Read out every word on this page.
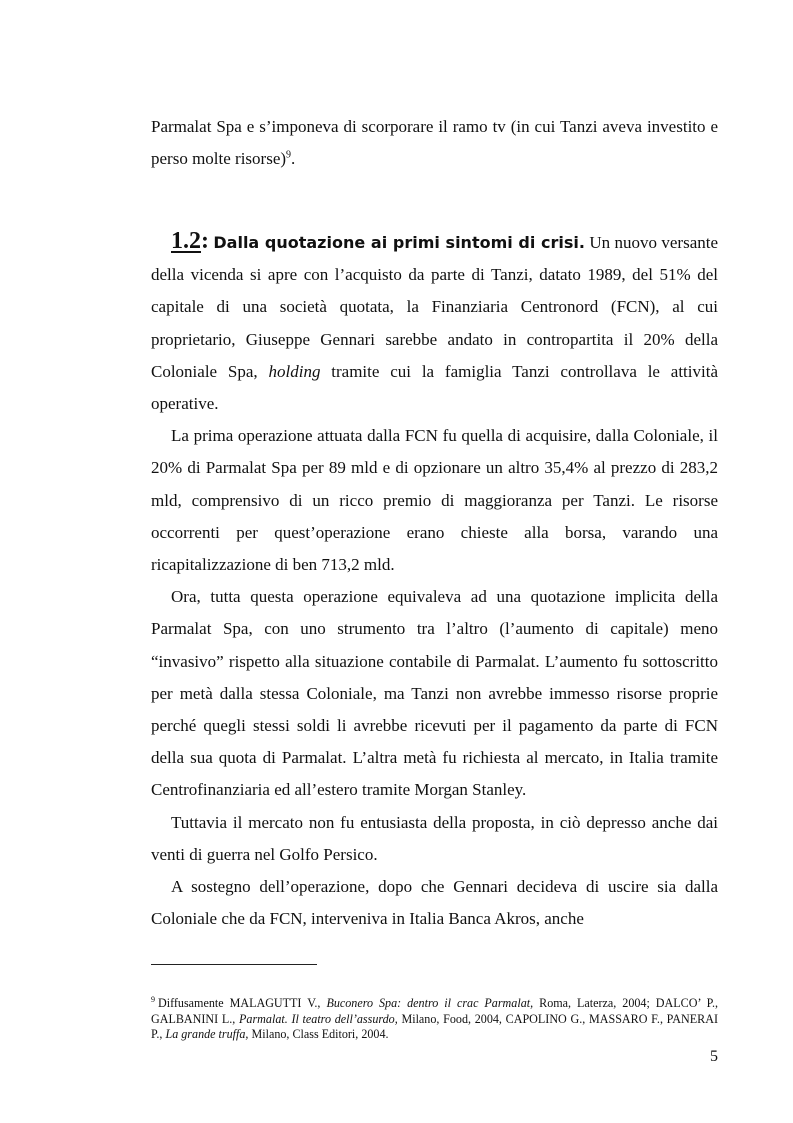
Parmalat Spa e s’imponeva di scorporare il ramo tv (in cui Tanzi aveva investito e perso molte risorse)$^9$.

1.2: Dalla quotazione ai primi sintomi di crisi. Un nuovo versante della vicenda si apre con l’acquisto da parte di Tanzi, datato 1989, del 51% del capitale di una società quotata, la Finanziaria Centronord (FCN), al cui proprietario, Giuseppe Gennari sarebbe andato in contropartita il 20% della Coloniale Spa, holding tramite cui la famiglia Tanzi controllava le attività operative.

La prima operazione attuata dalla FCN fu quella di acquisire, dalla Coloniale, il 20% di Parmalat Spa per 89 mld e di opzionare un altro 35,4% al prezzo di 283,2 mld, comprensivo di un ricco premio di maggioranza per Tanzi. Le risorse occorrenti per quest’operazione erano chieste alla borsa, varando una ricapitalizzazione di ben 713,2 mld.

Ora, tutta questa operazione equivaleva ad una quotazione implicita della Parmalat Spa, con uno strumento tra l’altro (l’aumento di capitale) meno “invasivo” rispetto alla situazione contabile di Parmalat. L’aumento fu sottoscritto per metà dalla stessa Coloniale, ma Tanzi non avrebbe immesso risorse proprie perché quegli stessi soldi li avrebbe ricevuti per il pagamento da parte di FCN della sua quota di Parmalat. L’altra metà fu richiesta al mercato, in Italia tramite Centrofinanziaria ed all’estero tramite Morgan Stanley.

Tuttavia il mercato non fu entusiasta della proposta, in ciò depresso anche dai venti di guerra nel Golfo Persico.

A sostegno dell’operazione, dopo che Gennari decideva di uscire sia dalla Coloniale che da FCN, interveniva in Italia Banca Akros, anche

$^9$ Diffusamente MALAGUTTI V., Buconero Spa: dentro il crac Parmalat, Roma, Laterza, 2004; DALCO’ P., GALBANINI L., Parmalat. Il teatro dell’assurdo, Milano, Food, 2004, CAPOLINO G., MASSARO F., PANERAI P., La grande truffa, Milano, Class Editori, 2004.
5
